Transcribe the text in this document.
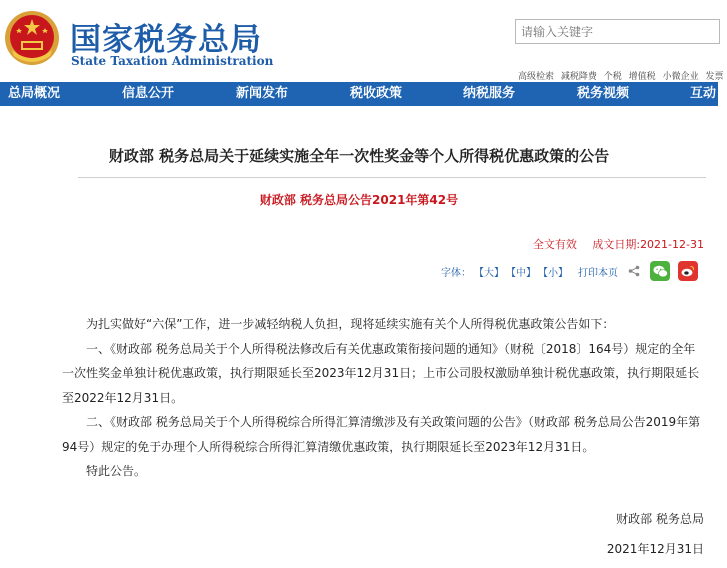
国家税务总局
State Taxation Administration
请输入关键字
高级检索 减税降费 个税 增值税 小微企业 发票
总局概况	信息公开	新闻发布	税收政策	纳税服务	税务视频	互动
财政部 税务总局关于延续实施全年一次性奖金等个人所得税优惠政策的公告
财政部 税务总局公告2021年第42号
全文有效 成文日期:2021-12-31
字体： 【大】 【中】 【小】 打印本页

为扎实做好“六保”工作，进一步减轻纳税人负担，现将延续实施有关个人所得税优惠政策公告如下：

一、《财政部 税务总局关于个人所得税法修改后有关优惠政策衔接问题的通知》（财税〔2018〕164号）规定的全年一次性奖金单独计税优惠政策，执行期限延长至2023年12月31日；上市公司股权激励单独计税优惠政策，执行期限延长至2022年12月31日。

二、《财政部 税务总局关于个人所得税综合所得汇算清缴涉及有关政策问题的公告》（财政部 税务总局公告2019年第94号）规定的免于办理个人所得税综合所得汇算清缴优惠政策，执行期限延长至2023年12月31日。

特此公告。

财政部 税务总局
2021年12月31日
